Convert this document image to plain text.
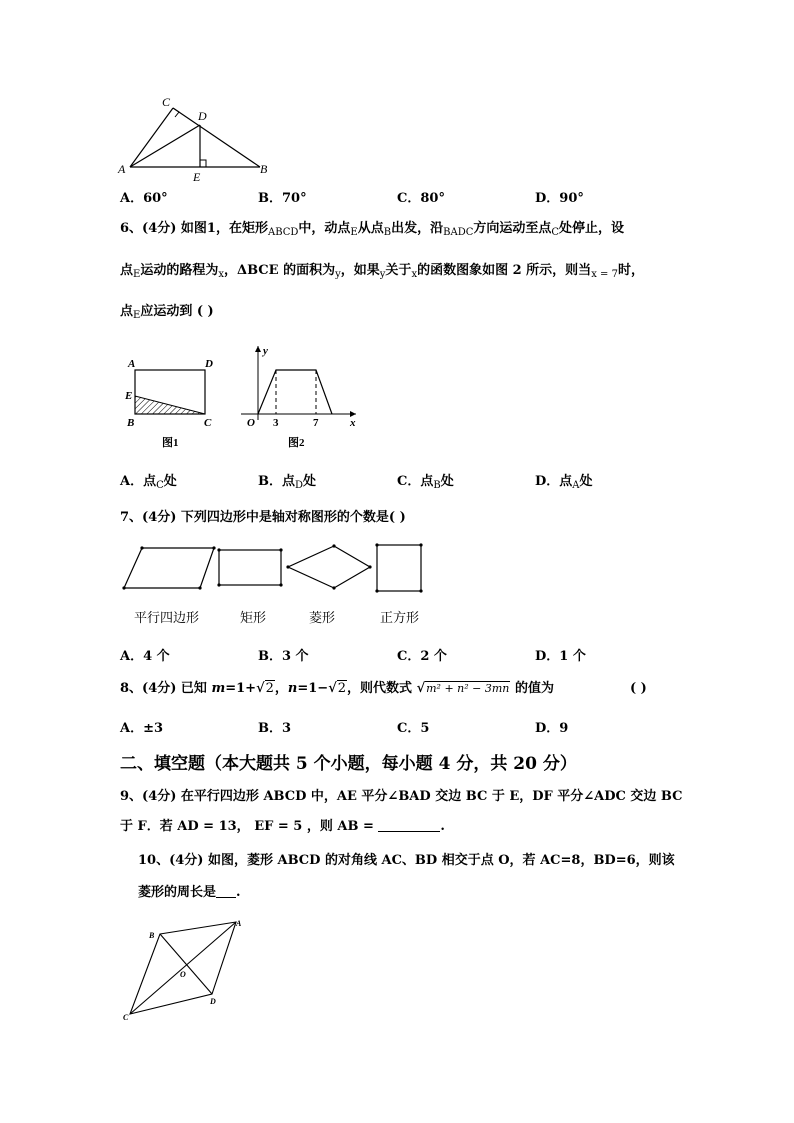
C
D
A
E
B
A．60°	B．70°	C．80°	D．90°
6、(4分) 如图1，在矩形$_{ABCD}$中，动点$_E$从点$_B$出发，沿$_{BADC}$方向运动至点$_C$处停止，设
点$_E$运动的路程为$_x$，ΔBCE 的面积为$_y$，如果$_y$关于$_x$的函数图象如图 2 所示，则当$_{x = 7}$时，
点$_E$应运动到 ( )
A	D
E
B	C
图1
y
x
O 3	7
图2
A．点$_C$处	B．点$_D$处	C．点$_B$处	D．点$_A$处
7、(4分) 下列四边形中是轴对称图形的个数是( )
平行四边形	矩形	菱形	正方形
A．4 个	B．3 个	C．2 个	D．1 个
8、(4分) 已知 m=1+√2，n=1−√2，则代数式 √m² + n² − 3mn 的值为	( )
A．±3	B．3	C．5	D．9
二、填空题（本大题共 5 个小题，每小题 4 分，共 20 分）
9、(4分) 在平行四边形 ABCD 中，AE 平分∠BAD 交边 BC 于 E，DF 平分∠ADC 交边 BC
于 F．若 AD = 13， EF = 5 ，则 AB =	.
10、(4分) 如图，菱形 ABCD 的对角线 AC、BD 相交于点 O，若 AC=8，BD=6，则该
菱形的周长是 .
B
A
O
D
C
